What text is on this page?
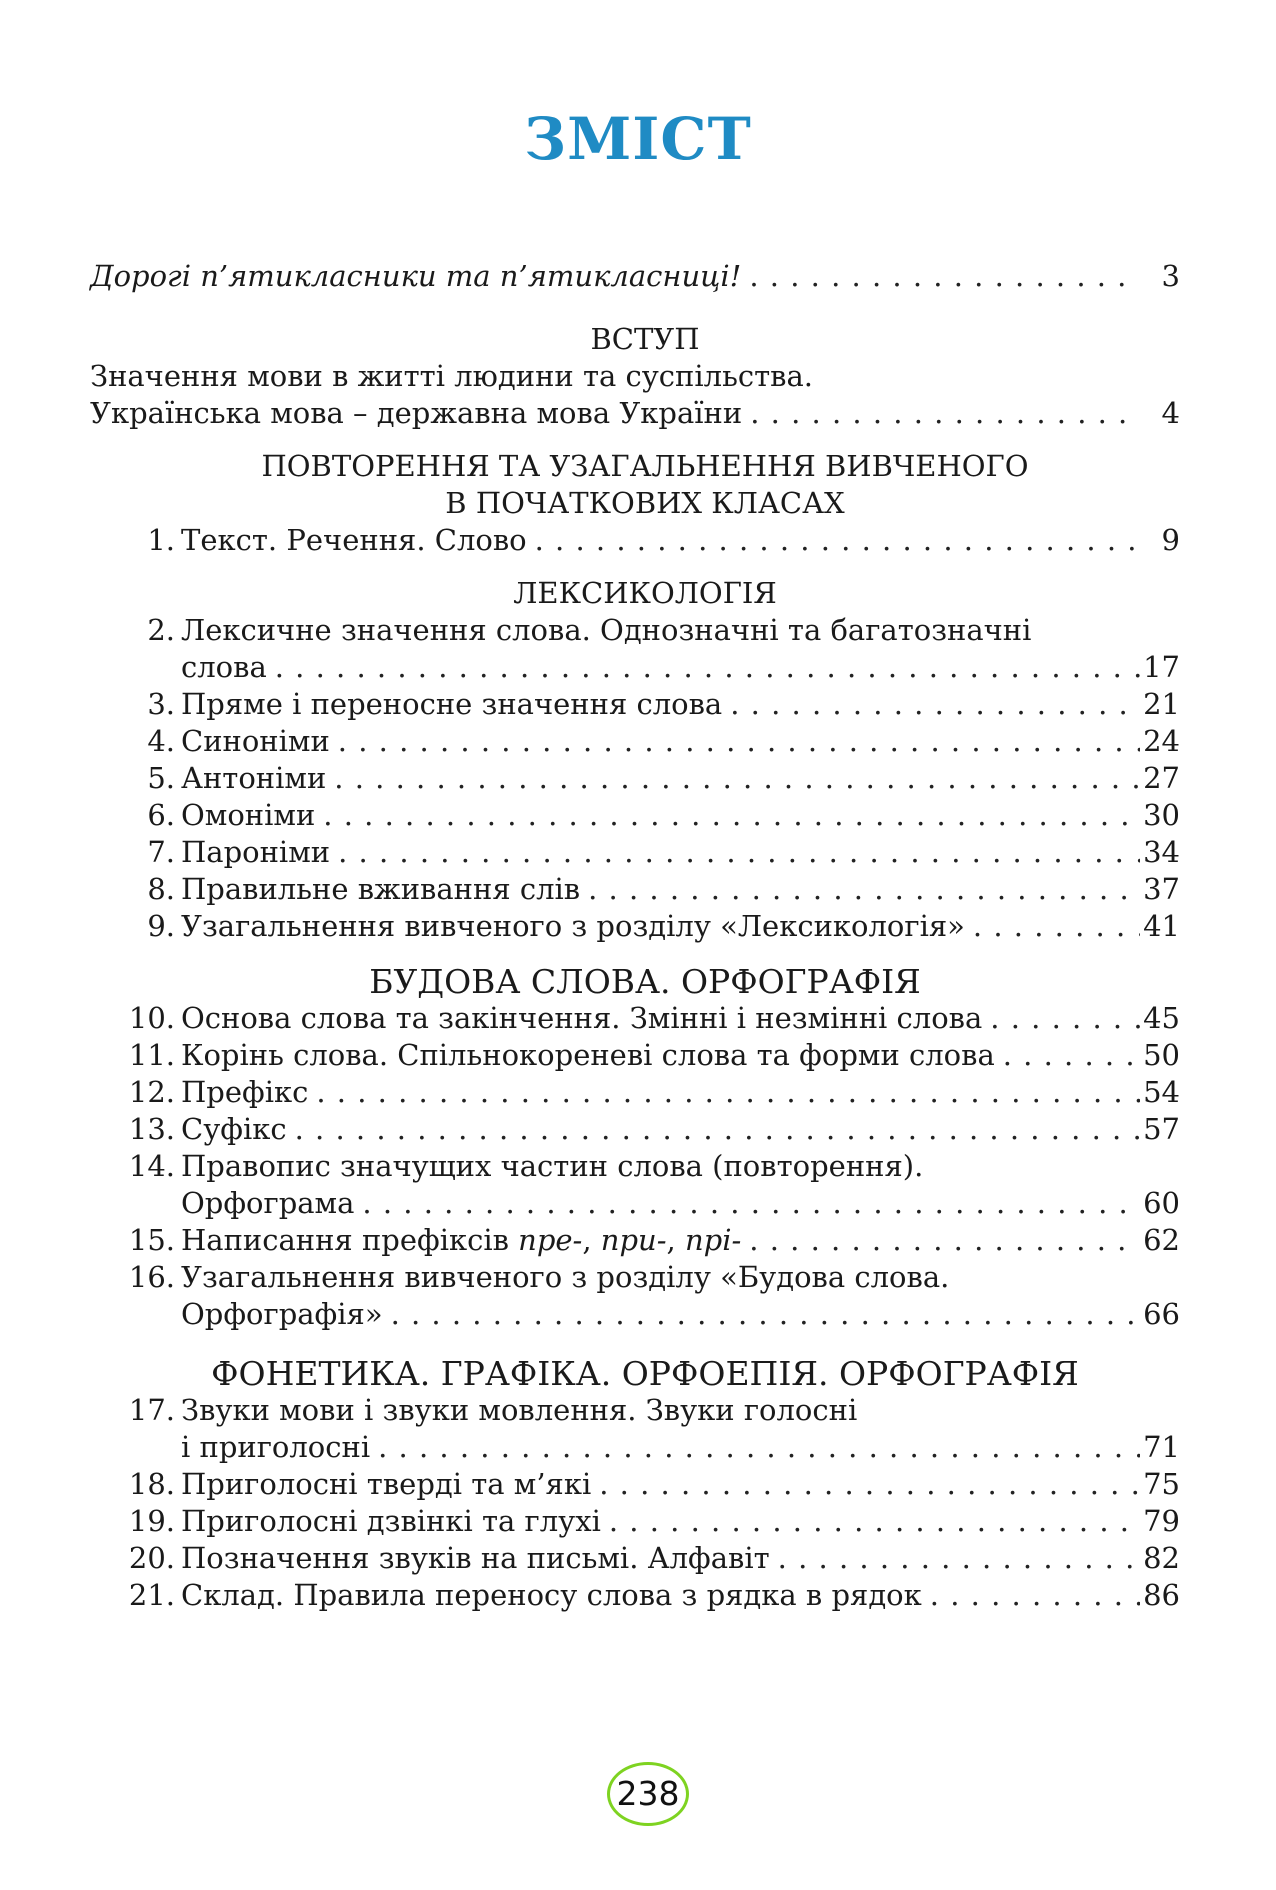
ЗМІСТ
Дорогі п’ятикласники та п’ятикласниці! . . .	3
ВСТУП
Значення мови в житті людини та суспільства.
Українська мова – державна мова України . . .	4
ПОВТОРЕННЯ ТА УЗАГАЛЬНЕННЯ ВИВЧЕНОГО
В ПОЧАТКОВИХ КЛАСАХ
1. Текст. Речення. Слово . . .	9
ЛЕКСИКОЛОГІЯ
2. Лексичне значення слова. Однозначні та багатозначні
слова . . .	17
3. Пряме і переносне значення слова . . .	21
4. Синоніми . . .	24
5. Антоніми . . .	27
6. Омоніми . . .	30
7. Пароніми . . .	34
8. Правильне вживання слів . . .	37
9. Узагальнення вивченого з розділу «Лексикологія» . . .	41
БУДОВА СЛОВА. ОРФОГРАФІЯ
10. Основа слова та закінчення. Змінні і незмінні слова . . .	45
11. Корінь слова. Спільнокореневі слова та форми слова . . .	50
12. Префікс . . .	54
13. Суфікс . . .	57
14. Правопис значущих частин слова (повторення).
Орфограма . . .	60
15. Написання префіксів пре-, при-, прі- . . .	62
16. Узагальнення вивченого з розділу «Будова слова.
Орфографія» . . .	66
ФОНЕТИКА. ГРАФІКА. ОРФОЕПІЯ. ОРФОГРАФІЯ
17. Звуки мови і звуки мовлення. Звуки голосні
і приголосні . . .	71
18. Приголосні тверді та м’які . . .	75
19. Приголосні дзвінкі та глухі . . .	79
20. Позначення звуків на письмі. Алфавіт . . .	82
21. Склад. Правила переносу слова з рядка в рядок . . .	86
238
